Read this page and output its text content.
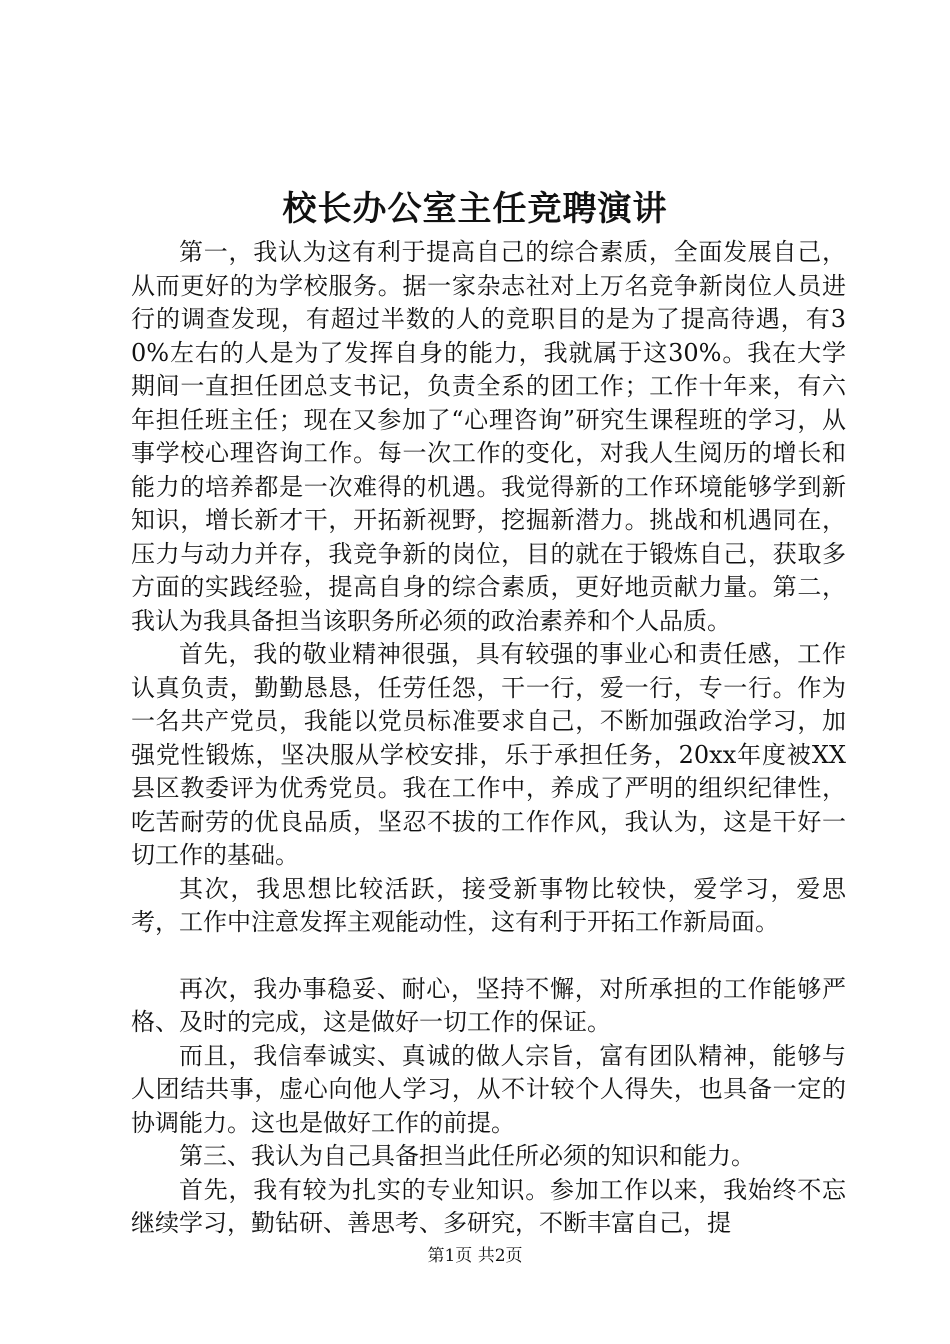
校长办公室主任竞聘演讲

第一，我认为这有利于提高自己的综合素质，全面发展自己，从而更好的为学校服务。据一家杂志社对上万名竞争新岗位人员进行的调查发现，有超过半数的人的竞职目的是为了提高待遇，有30%左右的人是为了发挥自身的能力，我就属于这30%。我在大学期间一直担任团总支书记，负责全系的团工作；工作十年来，有六年担任班主任；现在又参加了“心理咨询”研究生课程班的学习，从事学校心理咨询工作。每一次工作的变化，对我人生阅历的增长和能力的培养都是一次难得的机遇。我觉得新的工作环境能够学到新知识，增长新才干，开拓新视野，挖掘新潜力。挑战和机遇同在，压力与动力并存，我竞争新的岗位，目的就在于锻炼自己，获取多方面的实践经验，提高自身的综合素质，更好地贡献力量。第二，我认为我具备担当该职务所必须的政治素养和个人品质。

首先，我的敬业精神很强，具有较强的事业心和责任感，工作认真负责，勤勤恳恳，任劳任怨，干一行，爱一行，专一行。作为一名共产党员，我能以党员标准要求自己，不断加强政治学习，加强党性锻炼，坚决服从学校安排，乐于承担任务，20xx年度被XX县区教委评为优秀党员。我在工作中，养成了严明的组织纪律性，吃苦耐劳的优良品质，坚忍不拔的工作作风，我认为，这是干好一切工作的基础。

其次，我思想比较活跃，接受新事物比较快，爱学习，爱思考，工作中注意发挥主观能动性，这有利于开拓工作新局面。

再次，我办事稳妥、耐心，坚持不懈，对所承担的工作能够严格、及时的完成，这是做好一切工作的保证。

而且，我信奉诚实、真诚的做人宗旨，富有团队精神，能够与人团结共事，虚心向他人学习，从不计较个人得失，也具备一定的协调能力。这也是做好工作的前提。

第三、我认为自己具备担当此任所必须的知识和能力。

首先，我有较为扎实的专业知识。参加工作以来，我始终不忘继续学习，勤钻研、善思考、多研究，不断丰富自己，提

第1页 共2页
